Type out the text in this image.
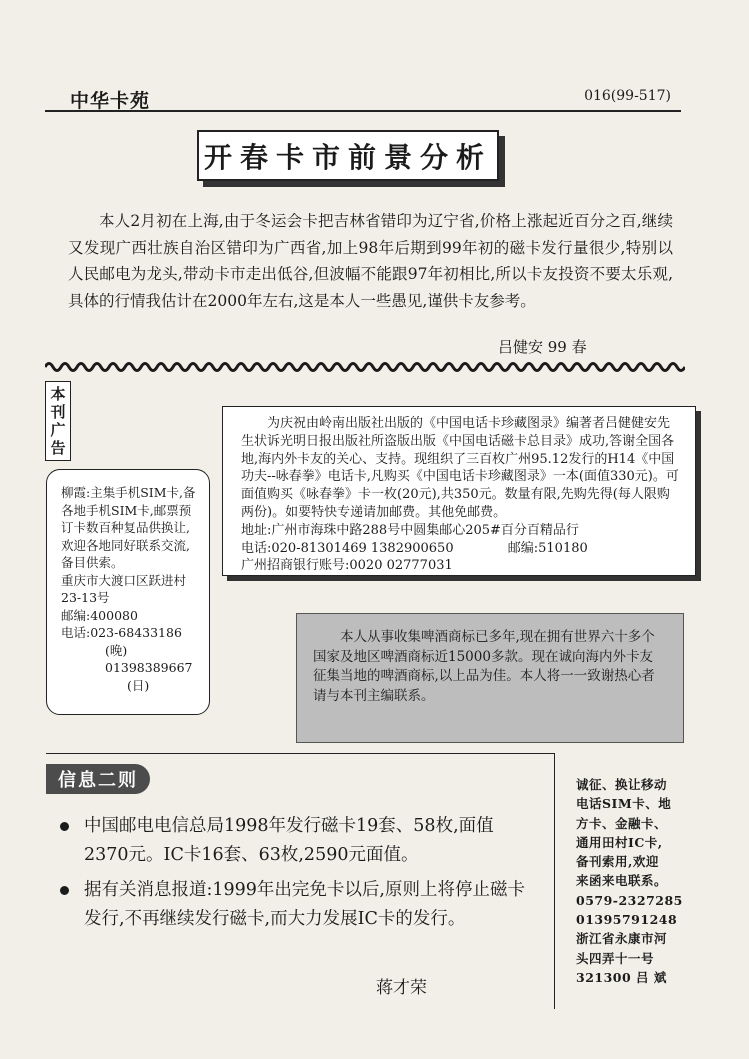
中华卡苑	016(99-517)
开春卡市前景分析
本人2月初在上海,由于冬运会卡把吉林省错印为辽宁省,价格上涨起近百分之百,继续又发现广西壮族自治区错印为广西省,加上98年后期到99年初的磁卡发行量很少,特别以人民邮电为龙头,带动卡市走出低谷,但波幅不能跟97年初相比,所以卡友投资不要太乐观,具体的行情我估计在2000年左右,这是本人一些愚见,谨供卡友参考。
吕健安 99 春
本刊广告

为庆祝由岭南出版社出版的《中国电话卡珍藏图录》编著者吕健健安先生状诉光明日报出版社所盗版出版《中国电话磁卡总目录》成功,答谢全国各地,海内外卡友的关心、支持。现组织了三百枚广州95.12发行的H14《中国功夫--咏春拳》电话卡,凡购买《中国电话卡珍藏图录》一本(面值330元)。可面值购买《咏春拳》卡一枚(20元),共350元。数量有限,先购先得(每人限购两份)。如要特快专递请加邮费。其他免邮费。

地址:广州市海珠中路288号中圆集邮心205#百分百精品行

电话:020-81301469 1382900650	邮编:510180

广州招商银行账号:0020 02777031

柳霞:主集手机SIM卡,备各地手机SIM卡,邮票预订卡数百种复品供换让,欢迎各地同好联系交流,备目供索。

重庆市大渡口区跃进村23-13号

邮编:400080

电话:023-68433186

(晚)

01398389667

(日)

本人从事收集啤酒商标已多年,现在拥有世界六十多个国家及地区啤酒商标近15000多款。现在诚向海内外卡友征集当地的啤酒商标,以上品为佳。本人将一一致谢热心者请与本刊主编联系。
信息二则
中国邮电电信总局1998年发行磁卡19套、58枚,面值2370元。IC卡16套、63枚,2590元面值。
据有关消息报道:1999年出完免卡以后,原则上将停止磁卡发行,不再继续发行磁卡,而大力发展IC卡的发行。
蒋才荣

诚征、换让移动

电话SIM卡、地

方卡、金融卡、

通用田村IC卡,

备刊索用,欢迎

来函来电联系。

0579-2327285

01395791248

浙江省永康市河

头四弄十一号

321300 吕 斌
